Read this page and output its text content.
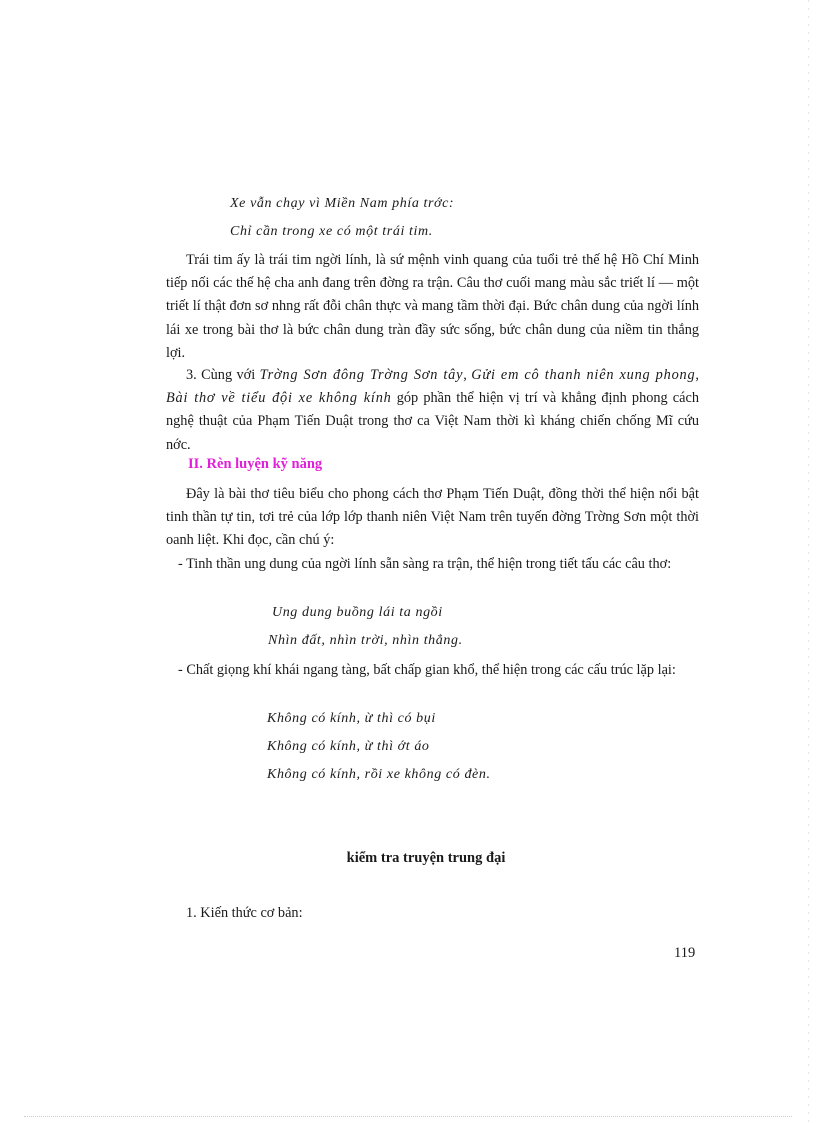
Xe vẫn chạy vì Miền Nam phía trớc:
Chỉ cần trong xe có một trái tim.
Trái tim ấy là trái tim ngời lính, là sứ mệnh vinh quang của tuổi trẻ thế hệ Hồ Chí Minh tiếp nối các thế hệ cha anh đang trên đờng ra trận. Câu thơ cuối mang màu sắc triết lí — một triết lí thật đơn sơ nhng rất đỗi chân thực và mang tầm thời đại. Bức chân dung của ngời lính lái xe trong bài thơ là bức chân dung tràn đầy sức sống, bức chân dung của niềm tin thắng lợi.
3. Cùng với Trờng Sơn đông Trờng Sơn tây, Gửi em cô thanh niên xung phong, Bài thơ về tiểu đội xe không kính góp phần thể hiện vị trí và khẳng định phong cách nghệ thuật của Phạm Tiến Duật trong thơ ca Việt Nam thời kì kháng chiến chống Mĩ cứu nớc.
II. Rèn luyện kỹ năng
Đây là bài thơ tiêu biểu cho phong cách thơ Phạm Tiến Duật, đồng thời thể hiện nổi bật tinh thần tự tin, tơi trẻ của lớp lớp thanh niên Việt Nam trên tuyến đờng Trờng Sơn một thời oanh liệt. Khi đọc, cần chú ý:
- Tinh thần ung dung của ngời lính sẵn sàng ra trận, thể hiện trong tiết tấu các câu thơ:
Ung dung buồng lái ta ngồi
Nhìn đất, nhìn trời, nhìn thẳng.
- Chất giọng khí khái ngang tàng, bất chấp gian khổ, thể hiện trong các cấu trúc lặp lại:
Không có kính, ừ thì có bụi
Không có kính, ừ thì ớt áo
Không có kính, rồi xe không có đèn.
kiểm tra truyện trung đại
1. Kiến thức cơ bản:
119
